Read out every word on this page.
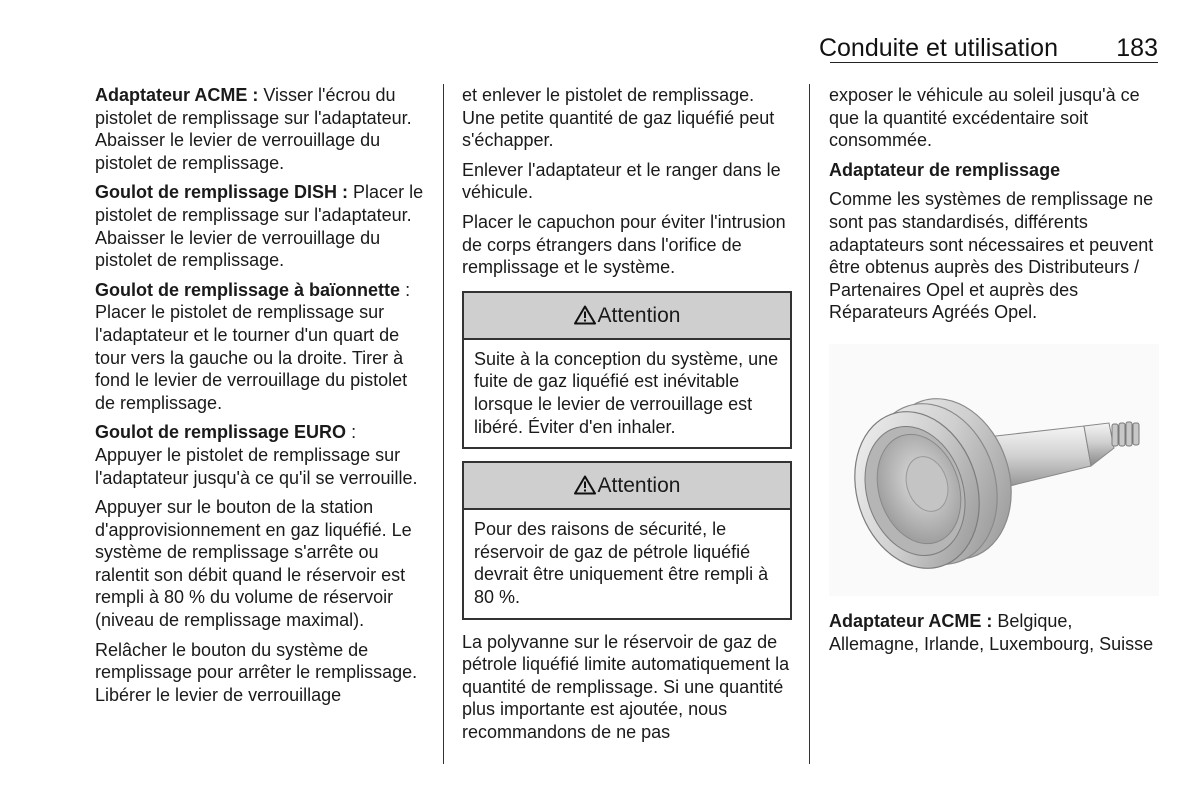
Conduite et utilisation 183

Adaptateur ACME : Visser l'écrou du pistolet de remplissage sur l'adaptateur. Abaisser le levier de verrouillage du pistolet de remplissage.

Goulot de remplissage DISH : Placer le pistolet de remplissage sur l'adaptateur. Abaisser le levier de verrouillage du pistolet de remplissage.

Goulot de remplissage à baïonnette : Placer le pistolet de remplissage sur l'adaptateur et le tourner d'un quart de tour vers la gauche ou la droite. Tirer à fond le levier de verrouillage du pistolet de remplissage.

Goulot de remplissage EURO : Appuyer le pistolet de remplissage sur l'adaptateur jusqu'à ce qu'il se verrouille.

Appuyer sur le bouton de la station d'approvisionnement en gaz liquéfié. Le système de remplissage s'arrête ou ralentit son débit quand le réservoir est rempli à 80 % du volume de réservoir (niveau de remplissage maximal).

Relâcher le bouton du système de remplissage pour arrêter le remplissage. Libérer le levier de verrouillage

et enlever le pistolet de remplissage. Une petite quantité de gaz liquéfié peut s'échapper.

Enlever l'adaptateur et le ranger dans le véhicule.

Placer le capuchon pour éviter l'intrusion de corps étrangers dans l'orifice de remplissage et le système.

Attention
Suite à la conception du système, une fuite de gaz liquéfié est inévitable lorsque le levier de verrouillage est libéré. Éviter d'en inhaler.
Attention
Pour des raisons de sécurité, le réservoir de gaz de pétrole liquéfié devrait être uniquement être rempli à 80 %.

La polyvanne sur le réservoir de gaz de pétrole liquéfié limite automatiquement la quantité de remplissage. Si une quantité plus importante est ajoutée, nous recommandons de ne pas

exposer le véhicule au soleil jusqu'à ce que la quantité excédentaire soit consommée.

Adaptateur de remplissage

Comme les systèmes de remplissage ne sont pas standardisés, différents adaptateurs sont nécessaires et peuvent être obtenus auprès des Distributeurs / Partenaires Opel et auprès des Réparateurs Agréés Opel.

Adaptateur ACME : Belgique, Allemagne, Irlande, Luxembourg, Suisse
